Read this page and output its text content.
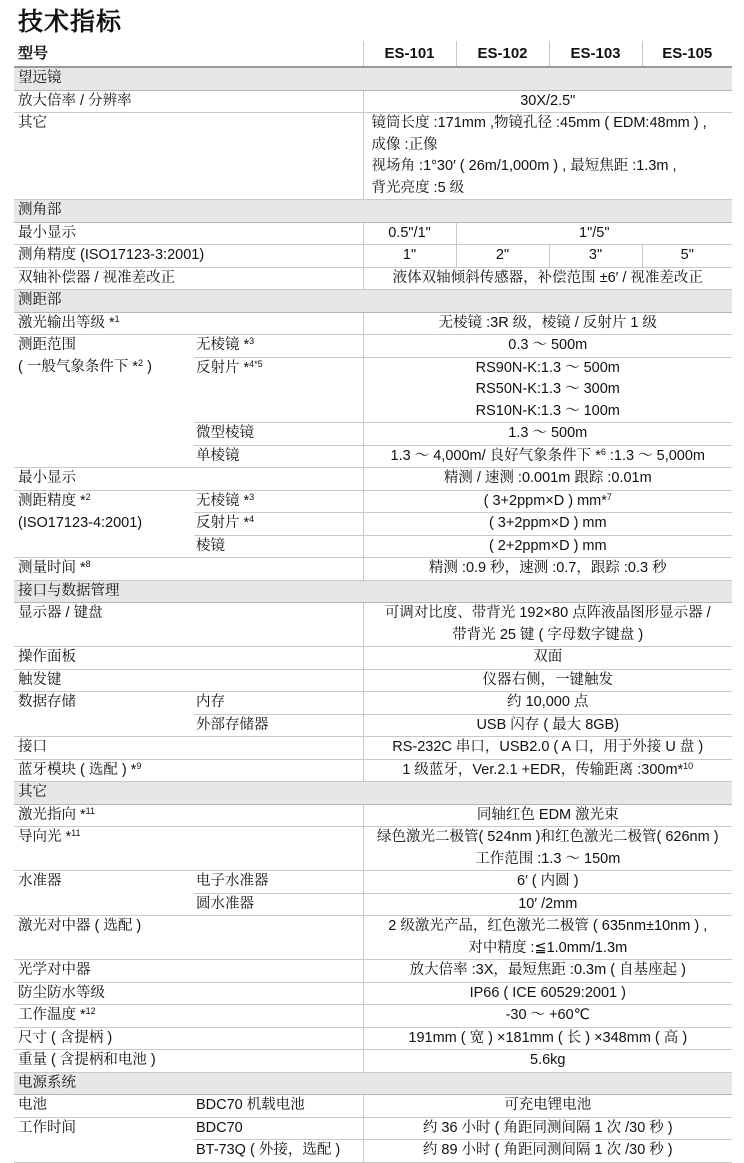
技术指标
型号		ES-101	ES-102	ES-103	ES-105
望远镜					
放大倍率 / 分辨率		30X/2.5"			
其它		镜筒长度 :171mm ,物镜孔径 :45mm ( EDM:48mm ) ,
成像 :正像
视场角 :1°30′ ( 26m/1,000m ) , 最短焦距 :1.3m ,
背光亮度 :5 级			

测角部					
最小显示		0.5"/1"	1"/5"		
测角精度 (ISO17123-3:2001)		1"	2"	3"	5"
双轴补偿器 / 视准差改正		液体双轴倾斜传感器，补偿范围 ±6′ / 视准差改正			
测距部					
激光输出等级 *$^1$		无棱镜 :3R 级，棱镜 / 反射片 1 级			

测距范围
( 一般气象条件下 *$^2$ )	无棱镜 *$^3$	0.3 ～ 500m			
	反射片 *$^{4*5}$	RS90N-K:1.3 ～ 500m
RS50N-K:1.3 ～ 300m
RS10N-K:1.3 ～ 100m			

	微型棱镜	1.3 ～ 500m			
	单棱镜	1.3 ～ 4,000m/ 良好气象条件下 *$^6$ :1.3 ～ 5,000m			
最小显示		精测 / 速测 :0.001m 跟踪 :0.01m			
测距精度 *$^2$	无棱镜 *$^3$	( 3+2ppm×D ) mm*$^7$
(ISO17123-4:2001)	反射片 *$^4$	( 3+2ppm×D ) mm			
	棱镜	( 2+2ppm×D ) mm			
测量时间 *$^8$		精测 :0.9 秒，速测 :0.7，跟踪 :0.3 秒			
接口与数据管理					
显示器 / 键盘		可调对比度、带背光 192×80 点阵液晶图形显示器 /
带背光 25 键 ( 字母数字键盘 )			

操作面板		双面			
触发键		仪器右侧，一键触发			
数据存储	内存	约 10,000 点			
	外部存储器	USB 闪存 ( 最大 8GB)			
接口		RS-232C 串口，USB2.0 ( A 口，用于外接 U 盘 )			
蓝牙模块 ( 选配 ) *$^9$		1 级蓝牙，Ver.2.1 +EDR，传输距离 :300m*$^{10}$
其它					
激光指向 *$^{11}$		同轴红色 EDM 激光束			
导向光 *$^{11}$		绿色激光二极管( 524nm )和红色激光二极管( 626nm )
工作范围 :1.3 ～ 150m			

水准器	电子水准器	6′ ( 内圆 )			
	圆水准器	10′ /2mm			
激光对中器 ( 选配 )		2 级激光产品，红色激光二极管 ( 635nm±10nm ) ,
对中精度 :≦1.0mm/1.3m			

光学对中器		放大倍率 :3X，最短焦距 :0.3m ( 自基座起 )			
防尘防水等级		IP66 ( ICE 60529:2001 )			
工作温度 *$^{12}$		-30 ～ +60℃			
尺寸 ( 含提柄 )		191mm ( 宽 ) ×181mm ( 长 ) ×348mm ( 高 )			
重量 ( 含提柄和电池 )		5.6kg			
电源系统					
电池	BDC70 机载电池	可充电锂电池			
工作时间	BDC70	约 36 小时 ( 角距同测间隔 1 次 /30 秒 )			
	BT-73Q ( 外接，选配 )	约 89 小时 ( 角距同测间隔 1 次 /30 秒 )			
